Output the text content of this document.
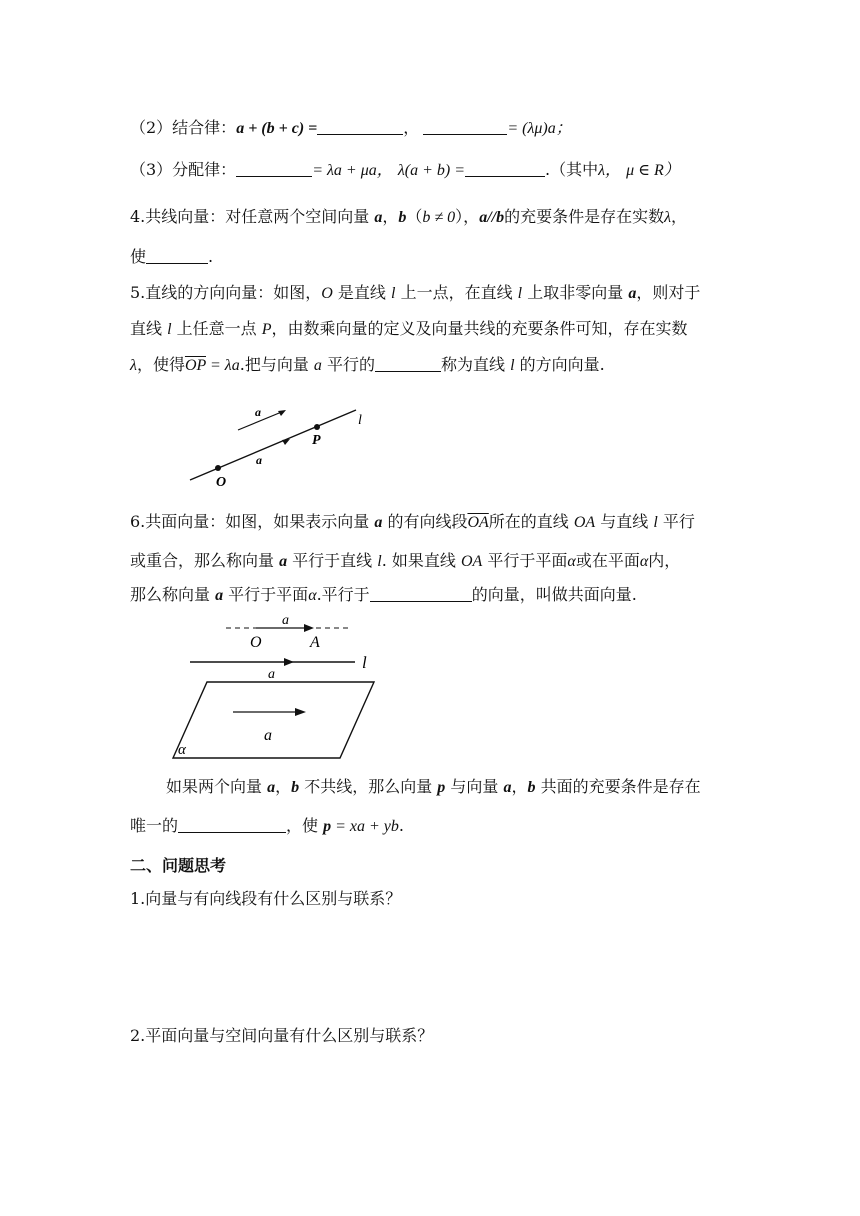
（2）结合律：a + (b + c) =	，	= (λμ)a；
（3）分配律：	= λa + μa， λ(a + b) =	.（其中λ， μ ∈ R）
4.共线向量：对任意两个空间向量 a，b（b ≠ 0），a//b的充要条件是存在实数λ，
使	.
5.直线的方向向量：如图，O 是直线 l 上一点，在直线 l 上取非零向量 a，则对于
直线 l 上任意一点 P，由数乘向量的定义及向量共线的充要条件可知，存在实数
λ，使得$\overline{OP} = \lambda a$.把与向量 a 平行的	称为直线 l 的方向向量.
a
P
l
a
O
6.共面向量：如图，如果表示向量 a 的有向线段$\overline{OA}$所在的直线 OA 与直线 l 平行
或重合，那么称向量 a 平行于直线 l. 如果直线 OA 平行于平面α或在平面α内，
那么称向量 a 平行于平面α.平行于	的向量，叫做共面向量.
a
O	A
a
l
a
α
如果两个向量 a，b 不共线，那么向量 p 与向量 a，b 共面的充要条件是存在
唯一的	，使 p = xa + yb.
二、问题思考
1.向量与有向线段有什么区别与联系？
2.平面向量与空间向量有什么区别与联系？
